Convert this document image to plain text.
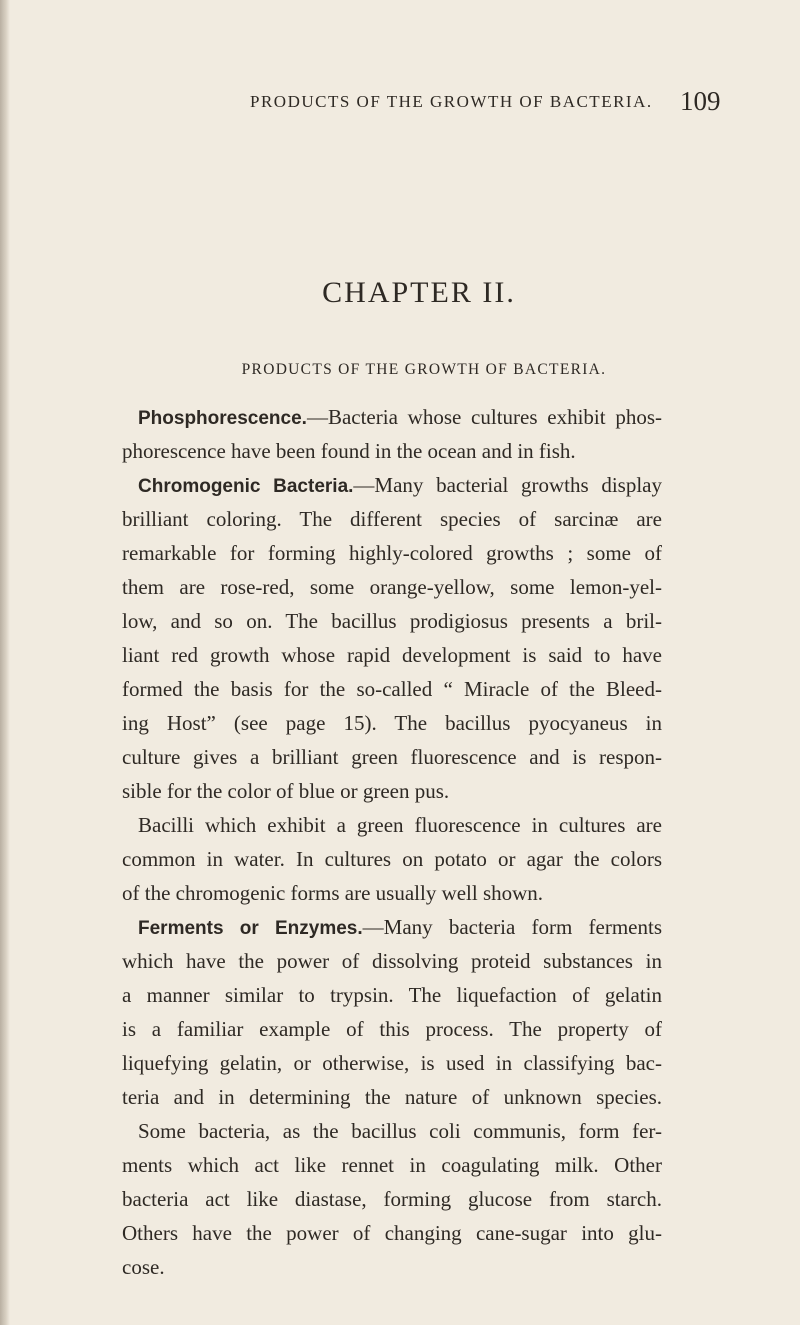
PRODUCTS OF THE GROWTH OF BACTERIA. 109
CHAPTER II.
PRODUCTS OF THE GROWTH OF BACTERIA.
Phosphorescence.—Bacteria whose cultures exhibit phos-
phorescence have been found in the ocean and in fish.
Chromogenic Bacteria.—Many bacterial growths display
brilliant coloring. The different species of sarcinæ are
remarkable for forming highly-colored growths ; some of
them are rose-red, some orange-yellow, some lemon-yel-
low, and so on. The bacillus prodigiosus presents a bril-
liant red growth whose rapid development is said to have
formed the basis for the so-called “ Miracle of the Bleed-
ing Host” (see page 15). The bacillus pyocyaneus in
culture gives a brilliant green fluorescence and is respon-
sible for the color of blue or green pus.
Bacilli which exhibit a green fluorescence in cultures are
common in water. In cultures on potato or agar the colors
of the chromogenic forms are usually well shown.
Ferments or Enzymes.—Many bacteria form ferments
which have the power of dissolving proteid substances in
a manner similar to trypsin. The liquefaction of gelatin
is a familiar example of this process. The property of
liquefying gelatin, or otherwise, is used in classifying bac-
teria and in determining the nature of unknown species.
Some bacteria, as the bacillus coli communis, form fer-
ments which act like rennet in coagulating milk. Other
bacteria act like diastase, forming glucose from starch.
Others have the power of changing cane-sugar into glu-
cose.
